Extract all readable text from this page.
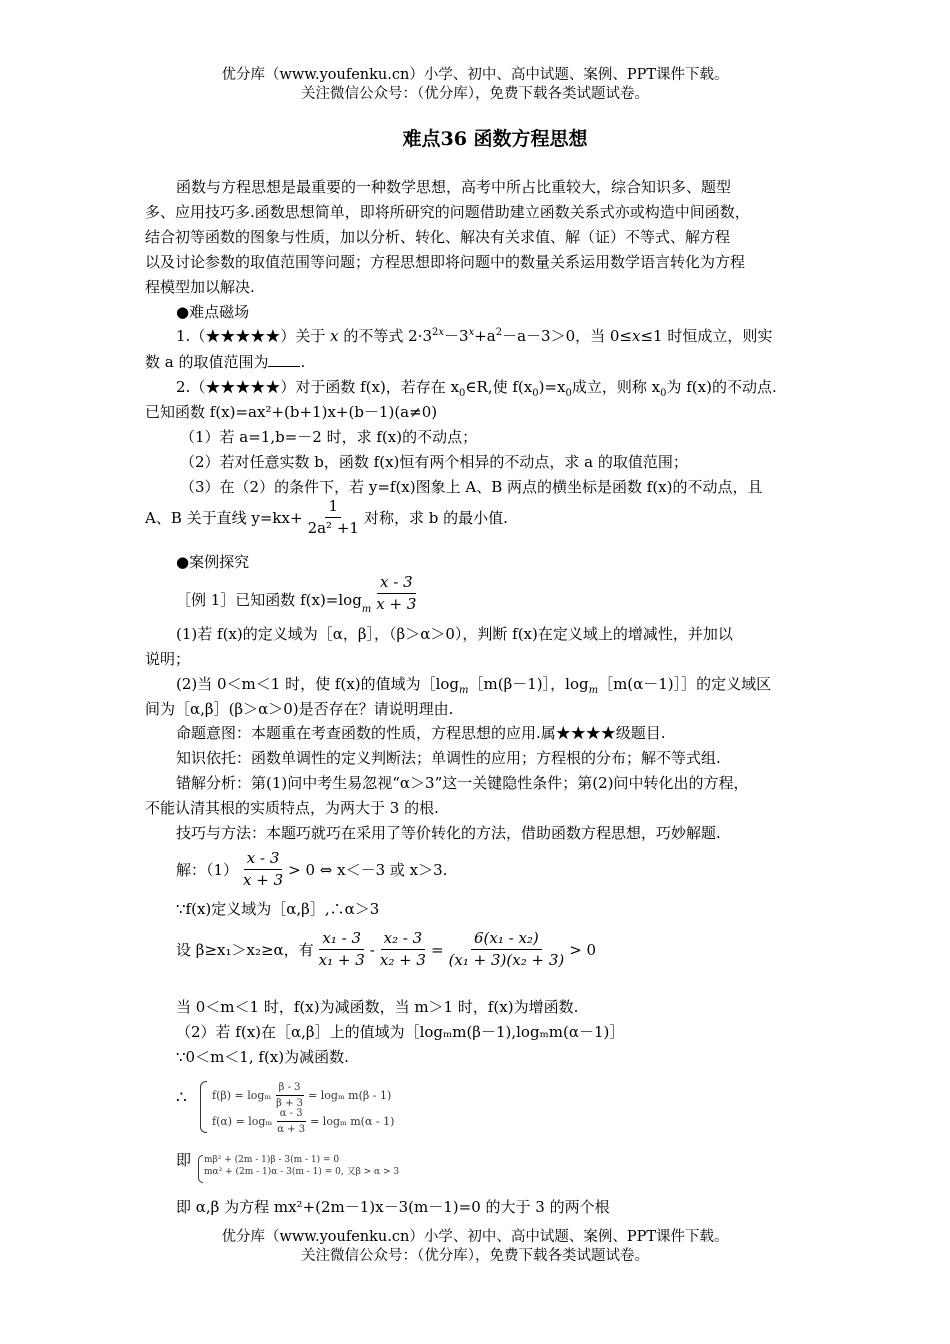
优分库（www.youfenku.cn）小学、初中、高中试题、案例、PPT课件下载。
关注微信公众号：（优分库），免费下载各类试题试卷。
难点36 函数方程思想
函数与方程思想是最重要的一种数学思想，高考中所占比重较大，综合知识多、题型
多、应用技巧多.函数思想简单，即将所研究的问题借助建立函数关系式亦或构造中间函数，
结合初等函数的图象与性质，加以分析、转化、解决有关求值、解（证）不等式、解方程
以及讨论参数的取值范围等问题；方程思想即将问题中的数量关系运用数学语言转化为方程
程模型加以解决.
●难点磁场
1.（★★★★★）关于 x 的不等式 $2\cdot 3^{2x}-3^x+a^2-a-3>0$，当 0≤x≤1 时恒成立，则实
数 a 的取值范围为 .
2.（★★★★★）对于函数 f(x)，若存在 $x_0\in R$,使 $f(x_0)=x_0$成立，则称 $x_0$为 f(x)的不动点.
已知函数 f(x)=ax²+(b+1)x+(b－1)(a≠0)
（1）若 a=1,b=－2 时，求 f(x)的不动点；
（2）若对任意实数 b，函数 f(x)恒有两个相异的不动点，求 a 的取值范围；
（3）在（2）的条件下，若 y=f(x)图象上 A、B 两点的横坐标是函数 f(x)的不动点，且
A、B 关于直线 $y=kx+ \frac{1}{\text{2a² +1}}$ 对称，求 b 的最小值.
●案例探究
［例 1］已知函数 f(x)=log
m $\frac{x - 3}{x + 3}$
(1)若 f(x)的定义域为［α，β］，（β＞α＞0），判断 f(x)在定义域上的增减性，并加以
说明；
(2)当 0＜m＜1 时，使 f(x)的值域为$[\log_m[m(\beta-1)]$，$\log_m[m(\alpha-1)]]$的定义域区
间为［α,β］(β＞α＞0)是否存在？请说明理由.
命题意图：本题重在考查函数的性质，方程思想的应用.属★★★★级题目.
知识依托：函数单调性的定义判断法；单调性的应用；方程根的分布；解不等式组.
错解分析：第(1)问中考生易忽视“α＞3”这一关键隐性条件；第(2)问中转化出的方程，
不能认清其根的实质特点，为两大于 3 的根.
技巧与方法：本题巧就巧在采用了等价转化的方法，借助函数方程思想，巧妙解题.
解：$(1) \frac{x - 3}{x + 3} > 0$ ⇔ x＜－3 或 x＞3.
∵f(x)定义域为［α,β］,∴α＞3
设 β≥x₁＞x₂≥α，有 $\frac{\text{x₁ - 3}}{\text{x₁ + 3}} - \frac{\text{x₂ - 3}}{\text{x₂ + 3}} = \frac{\text{6(x₁ - x₂)}}{\text{(x₁ + 3)(x₂ + 3)}} > 0$
当 0＜m＜1 时，f(x)为减函数，当 m＞1 时，f(x)为增函数.
（2）若 f(x)在［α,β］上的值域为［logₘm(β－1),logₘm(α－1)］
∵0＜m＜1, f(x)为减函数.
∴ f(β) = logₘ $\frac{\beta - 3}{\beta + 3} = \log_m$ m(β - 1)
f(α) = logₘ $\frac{\alpha - 3}{\alpha + 3} = \log_m$ m(α - 1)
即 mβ² + (2m - 1)β - 3(m - 1) = 0
mα² + (2m - 1)α - 3(m - 1) = 0 , 又β > α > 3
即 α,β 为方程 mx²+(2m－1)x－3(m－1)=0 的大于 3 的两个根
优分库（www.youfenku.cn）小学、初中、高中试题、案例、PPT课件下载。
关注微信公众号：（优分库），免费下载各类试题试卷。
